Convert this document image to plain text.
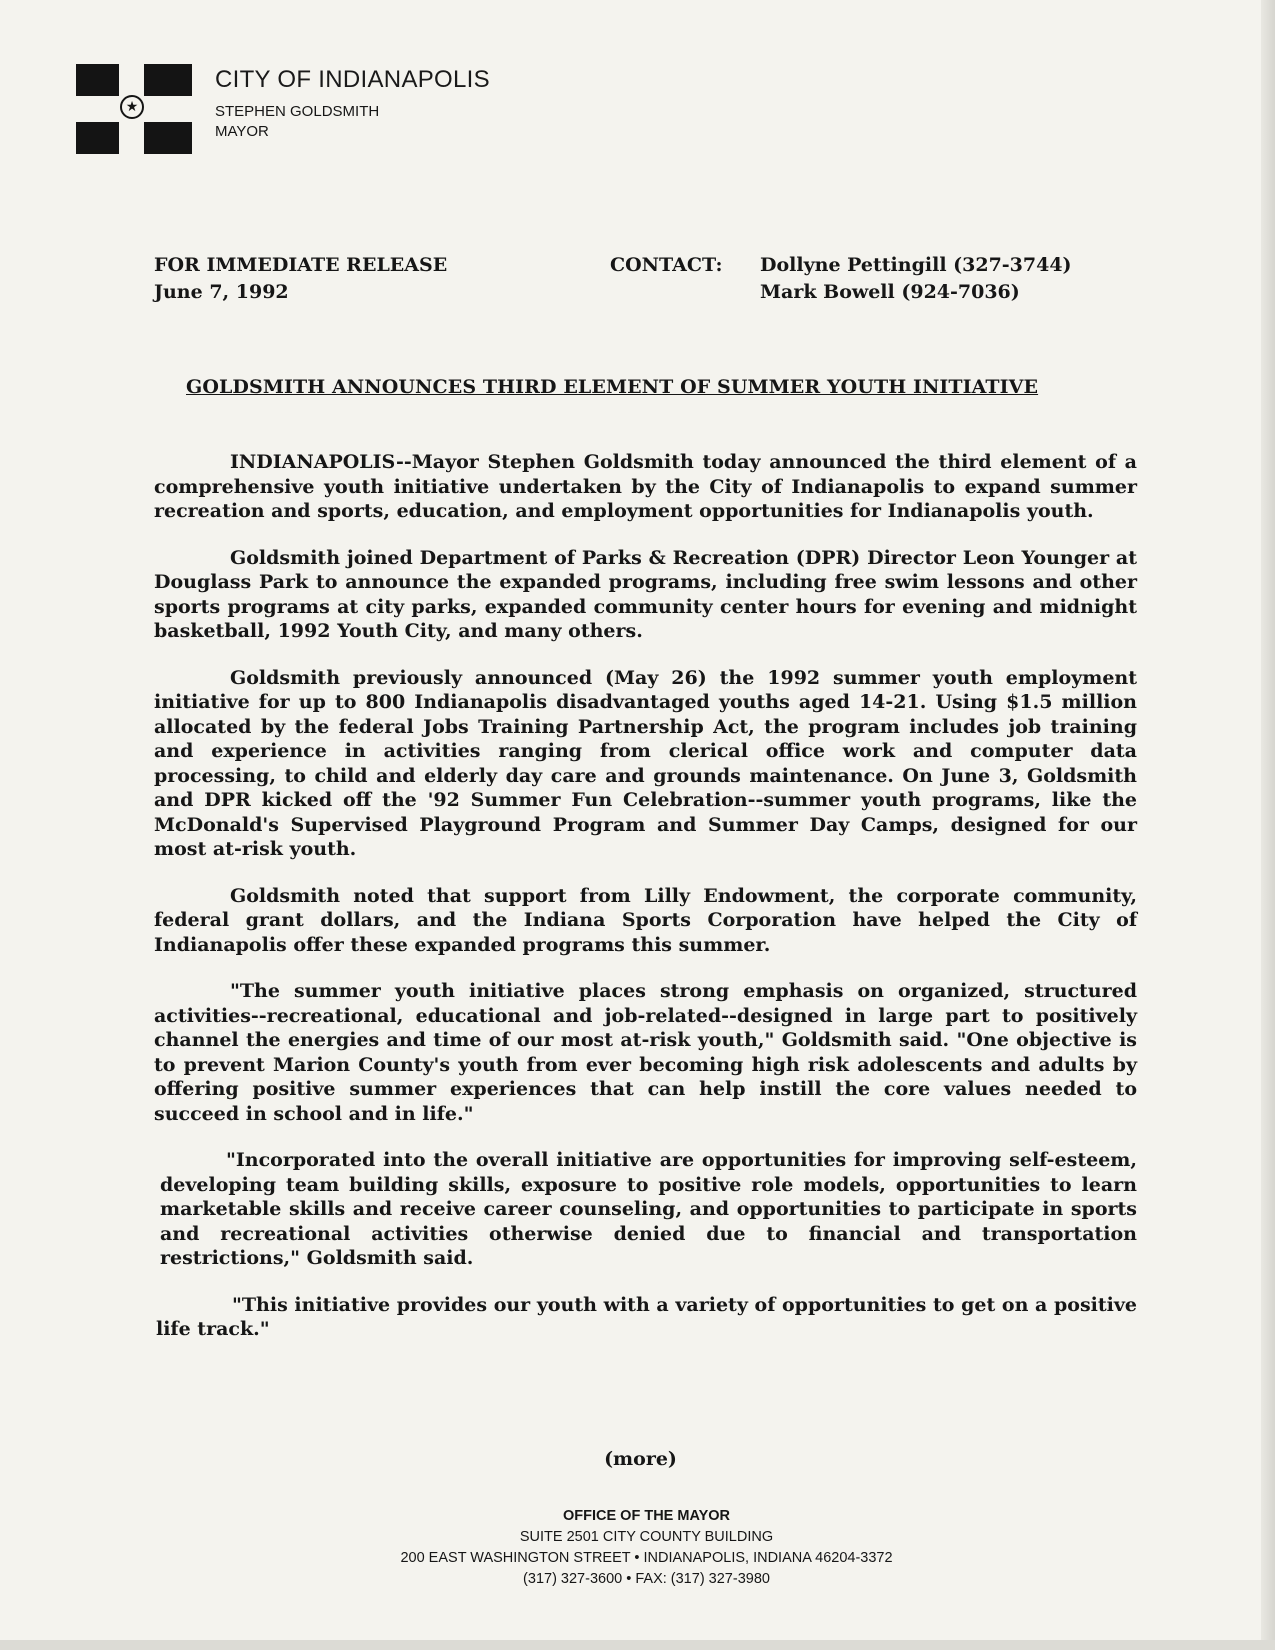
★
CITY OF INDIANAPOLIS
STEPHEN GOLDSMITH
MAYOR
FOR IMMEDIATE RELEASE
June 7, 1992
CONTACT: Dollyne Pettingill (327-3744)
Mark Bowell (924-7036)
GOLDSMITH ANNOUNCES THIRD ELEMENT OF SUMMER YOUTH INITIATIVE

INDIANAPOLIS--Mayor Stephen Goldsmith today announced the third element of a comprehensive youth initiative undertaken by the City of Indianapolis to expand summer recreation and sports, education, and employment opportunities for Indianapolis youth.

Goldsmith joined Department of Parks & Recreation (DPR) Director Leon Younger at Douglass Park to announce the expanded programs, including free swim lessons and other sports programs at city parks, expanded community center hours for evening and midnight basketball, 1992 Youth City, and many others.

Goldsmith previously announced (May 26) the 1992 summer youth employment initiative for up to 800 Indianapolis disadvantaged youths aged 14-21. Using $1.5 million allocated by the federal Jobs Training Partnership Act, the program includes job training and experience in activities ranging from clerical office work and computer data processing, to child and elderly day care and grounds maintenance. On June 3, Goldsmith and DPR kicked off the '92 Summer Fun Celebration--summer youth programs, like the McDonald's Supervised Playground Program and Summer Day Camps, designed for our most at-risk youth.

Goldsmith noted that support from Lilly Endowment, the corporate community, federal grant dollars, and the Indiana Sports Corporation have helped the City of Indianapolis offer these expanded programs this summer.

"The summer youth initiative places strong emphasis on organized, structured activities--recreational, educational and job-related--designed in large part to positively channel the energies and time of our most at-risk youth," Goldsmith said. "One objective is to prevent Marion County's youth from ever becoming high risk adolescents and adults by offering positive summer experiences that can help instill the core values needed to succeed in school and in life."

"Incorporated into the overall initiative are opportunities for improving self-esteem, developing team building skills, exposure to positive role models, opportunities to learn marketable skills and receive career counseling, and opportunities to participate in sports and recreational activities otherwise denied due to financial and transportation restrictions," Goldsmith said.

"This initiative provides our youth with a variety of opportunities to get on a positive life track."

(more)
OFFICE OF THE MAYOR
SUITE 2501 CITY COUNTY BUILDING
200 EAST WASHINGTON STREET • INDIANAPOLIS, INDIANA 46204-3372
(317) 327-3600 • FAX: (317) 327-3980
